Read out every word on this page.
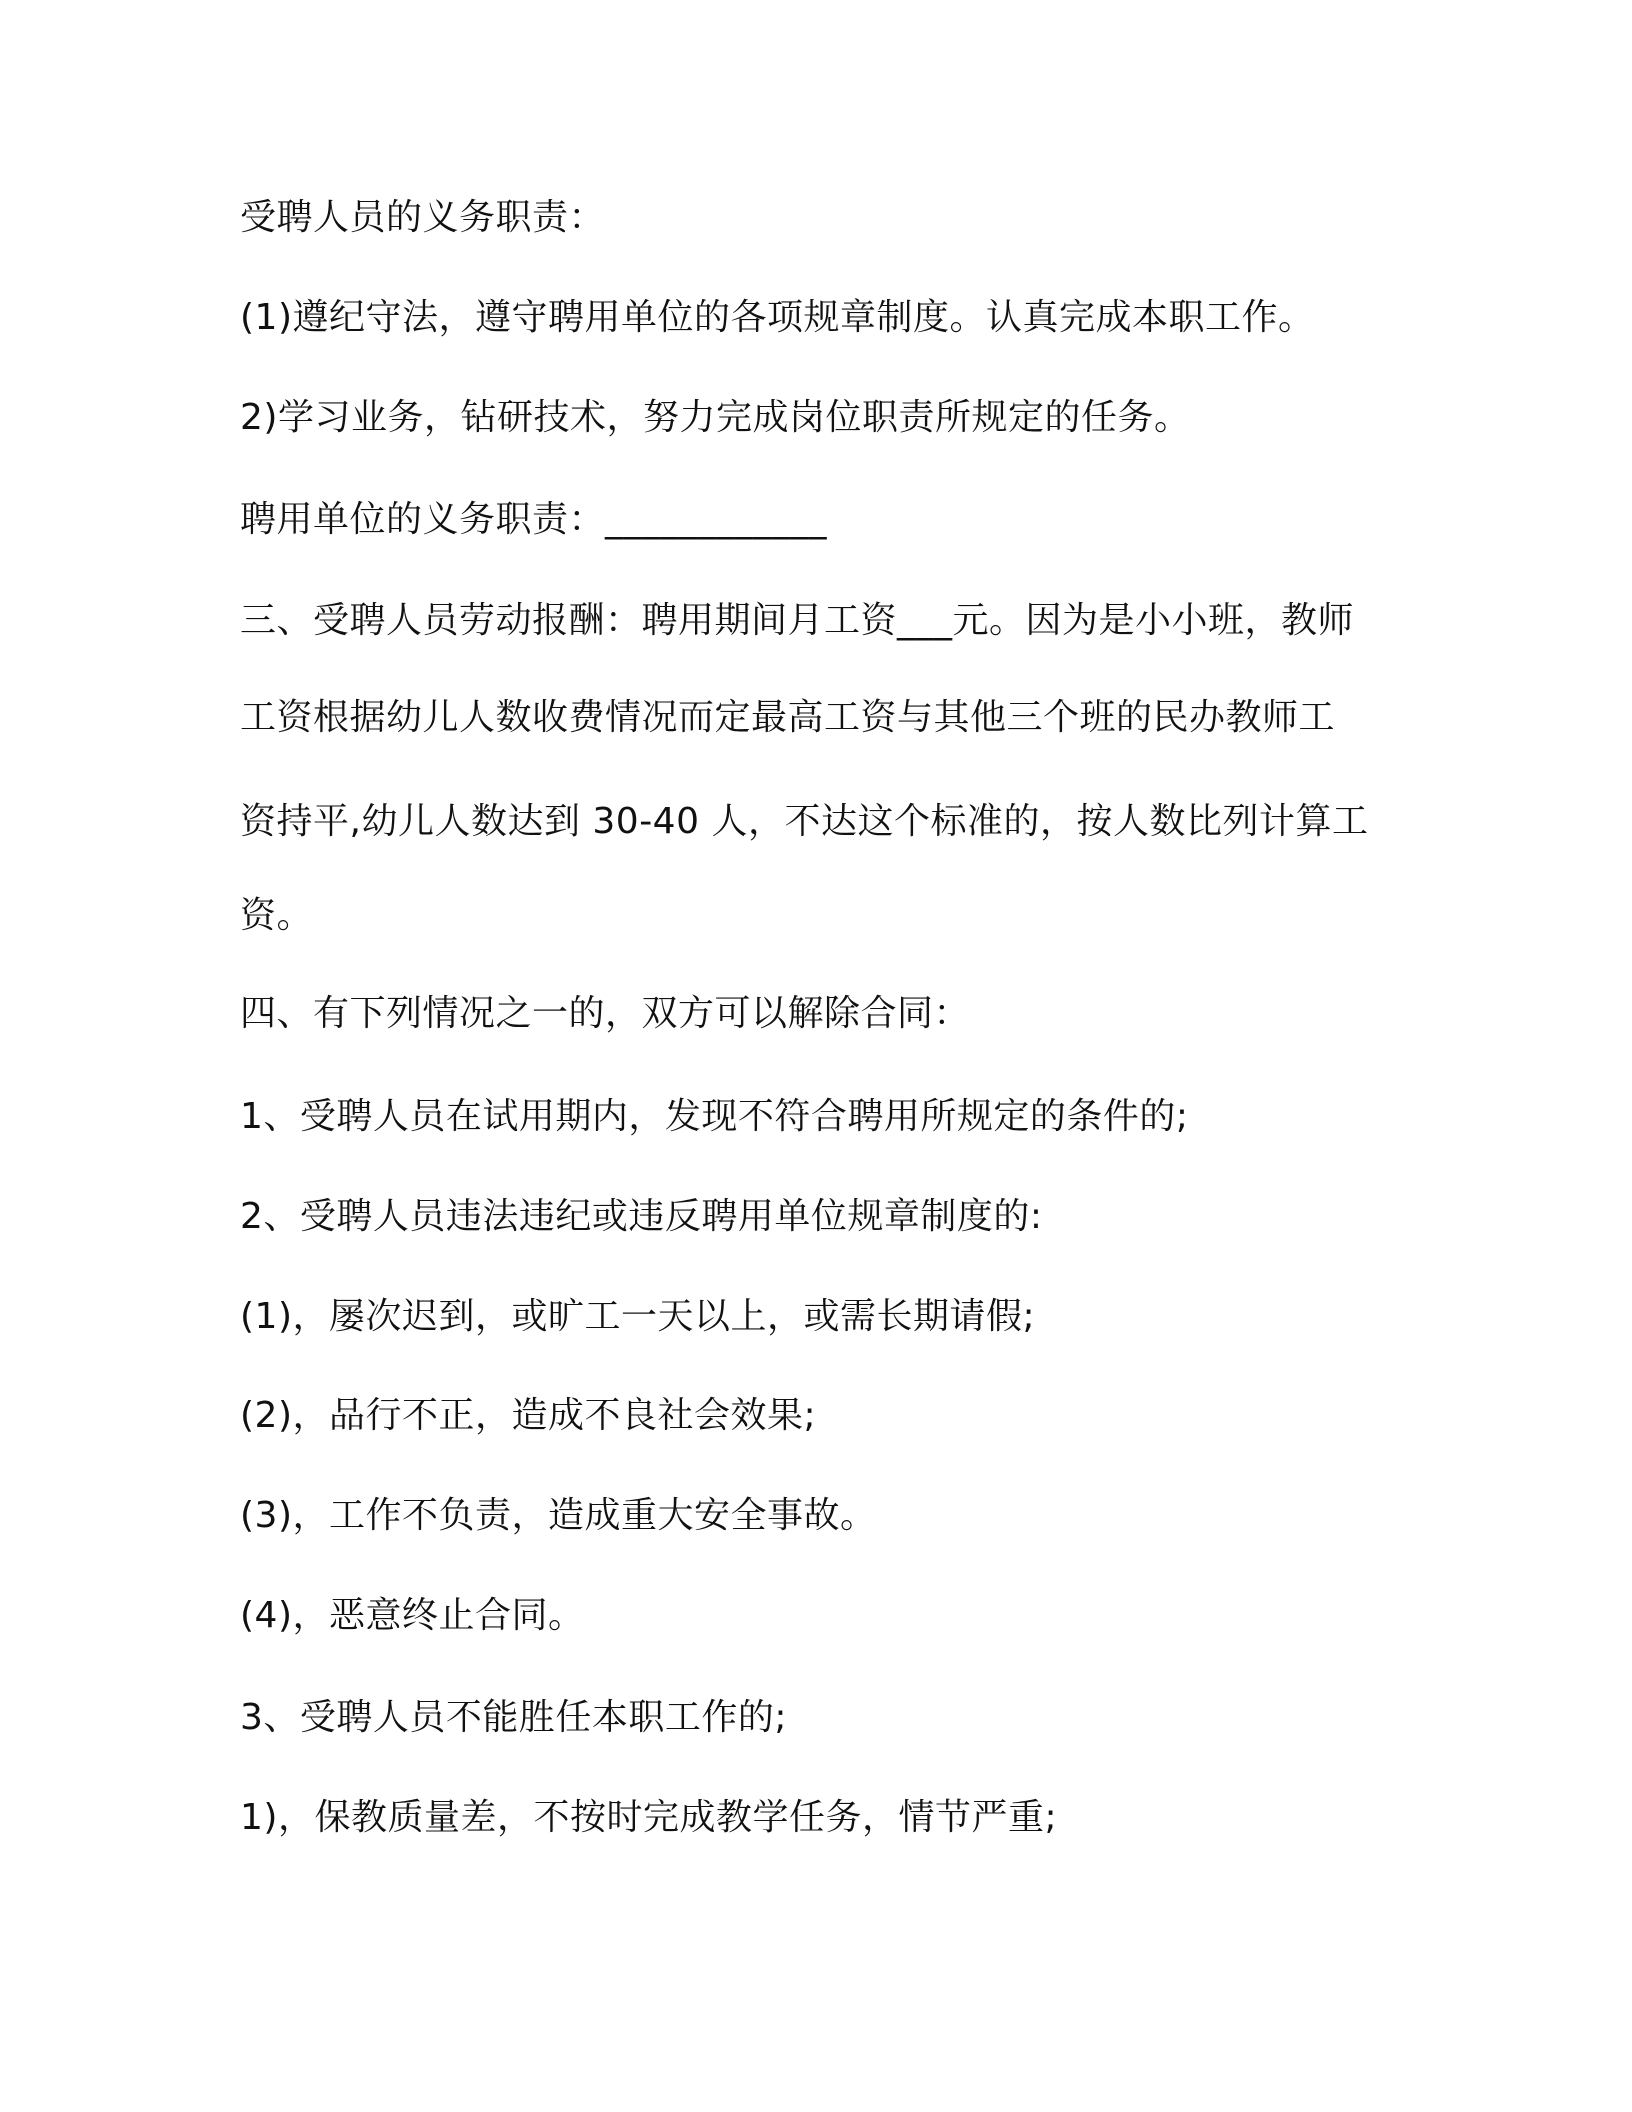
受聘人员的义务职责：
(1)遵纪守法，遵守聘用单位的各项规章制度。认真完成本职工作。
2)学习业务，钻研技术，努力完成岗位职责所规定的任务。
聘用单位的义务职责：____________
三、受聘人员劳动报酬：聘用期间月工资___元。因为是小小班，教师
工资根据幼儿人数收费情况而定最高工资与其他三个班的民办教师工
资持平,幼儿人数达到 30-40 人，不达这个标准的，按人数比列计算工
资。
四、有下列情况之一的，双方可以解除合同：
1、受聘人员在试用期内，发现不符合聘用所规定的条件的;
2、受聘人员违法违纪或违反聘用单位规章制度的:
(1)，屡次迟到，或旷工一天以上，或需长期请假;
(2)，品行不正，造成不良社会效果;
(3)，工作不负责，造成重大安全事故。
(4)，恶意终止合同。
3、受聘人员不能胜任本职工作的;
1)，保教质量差，不按时完成教学任务，情节严重;
